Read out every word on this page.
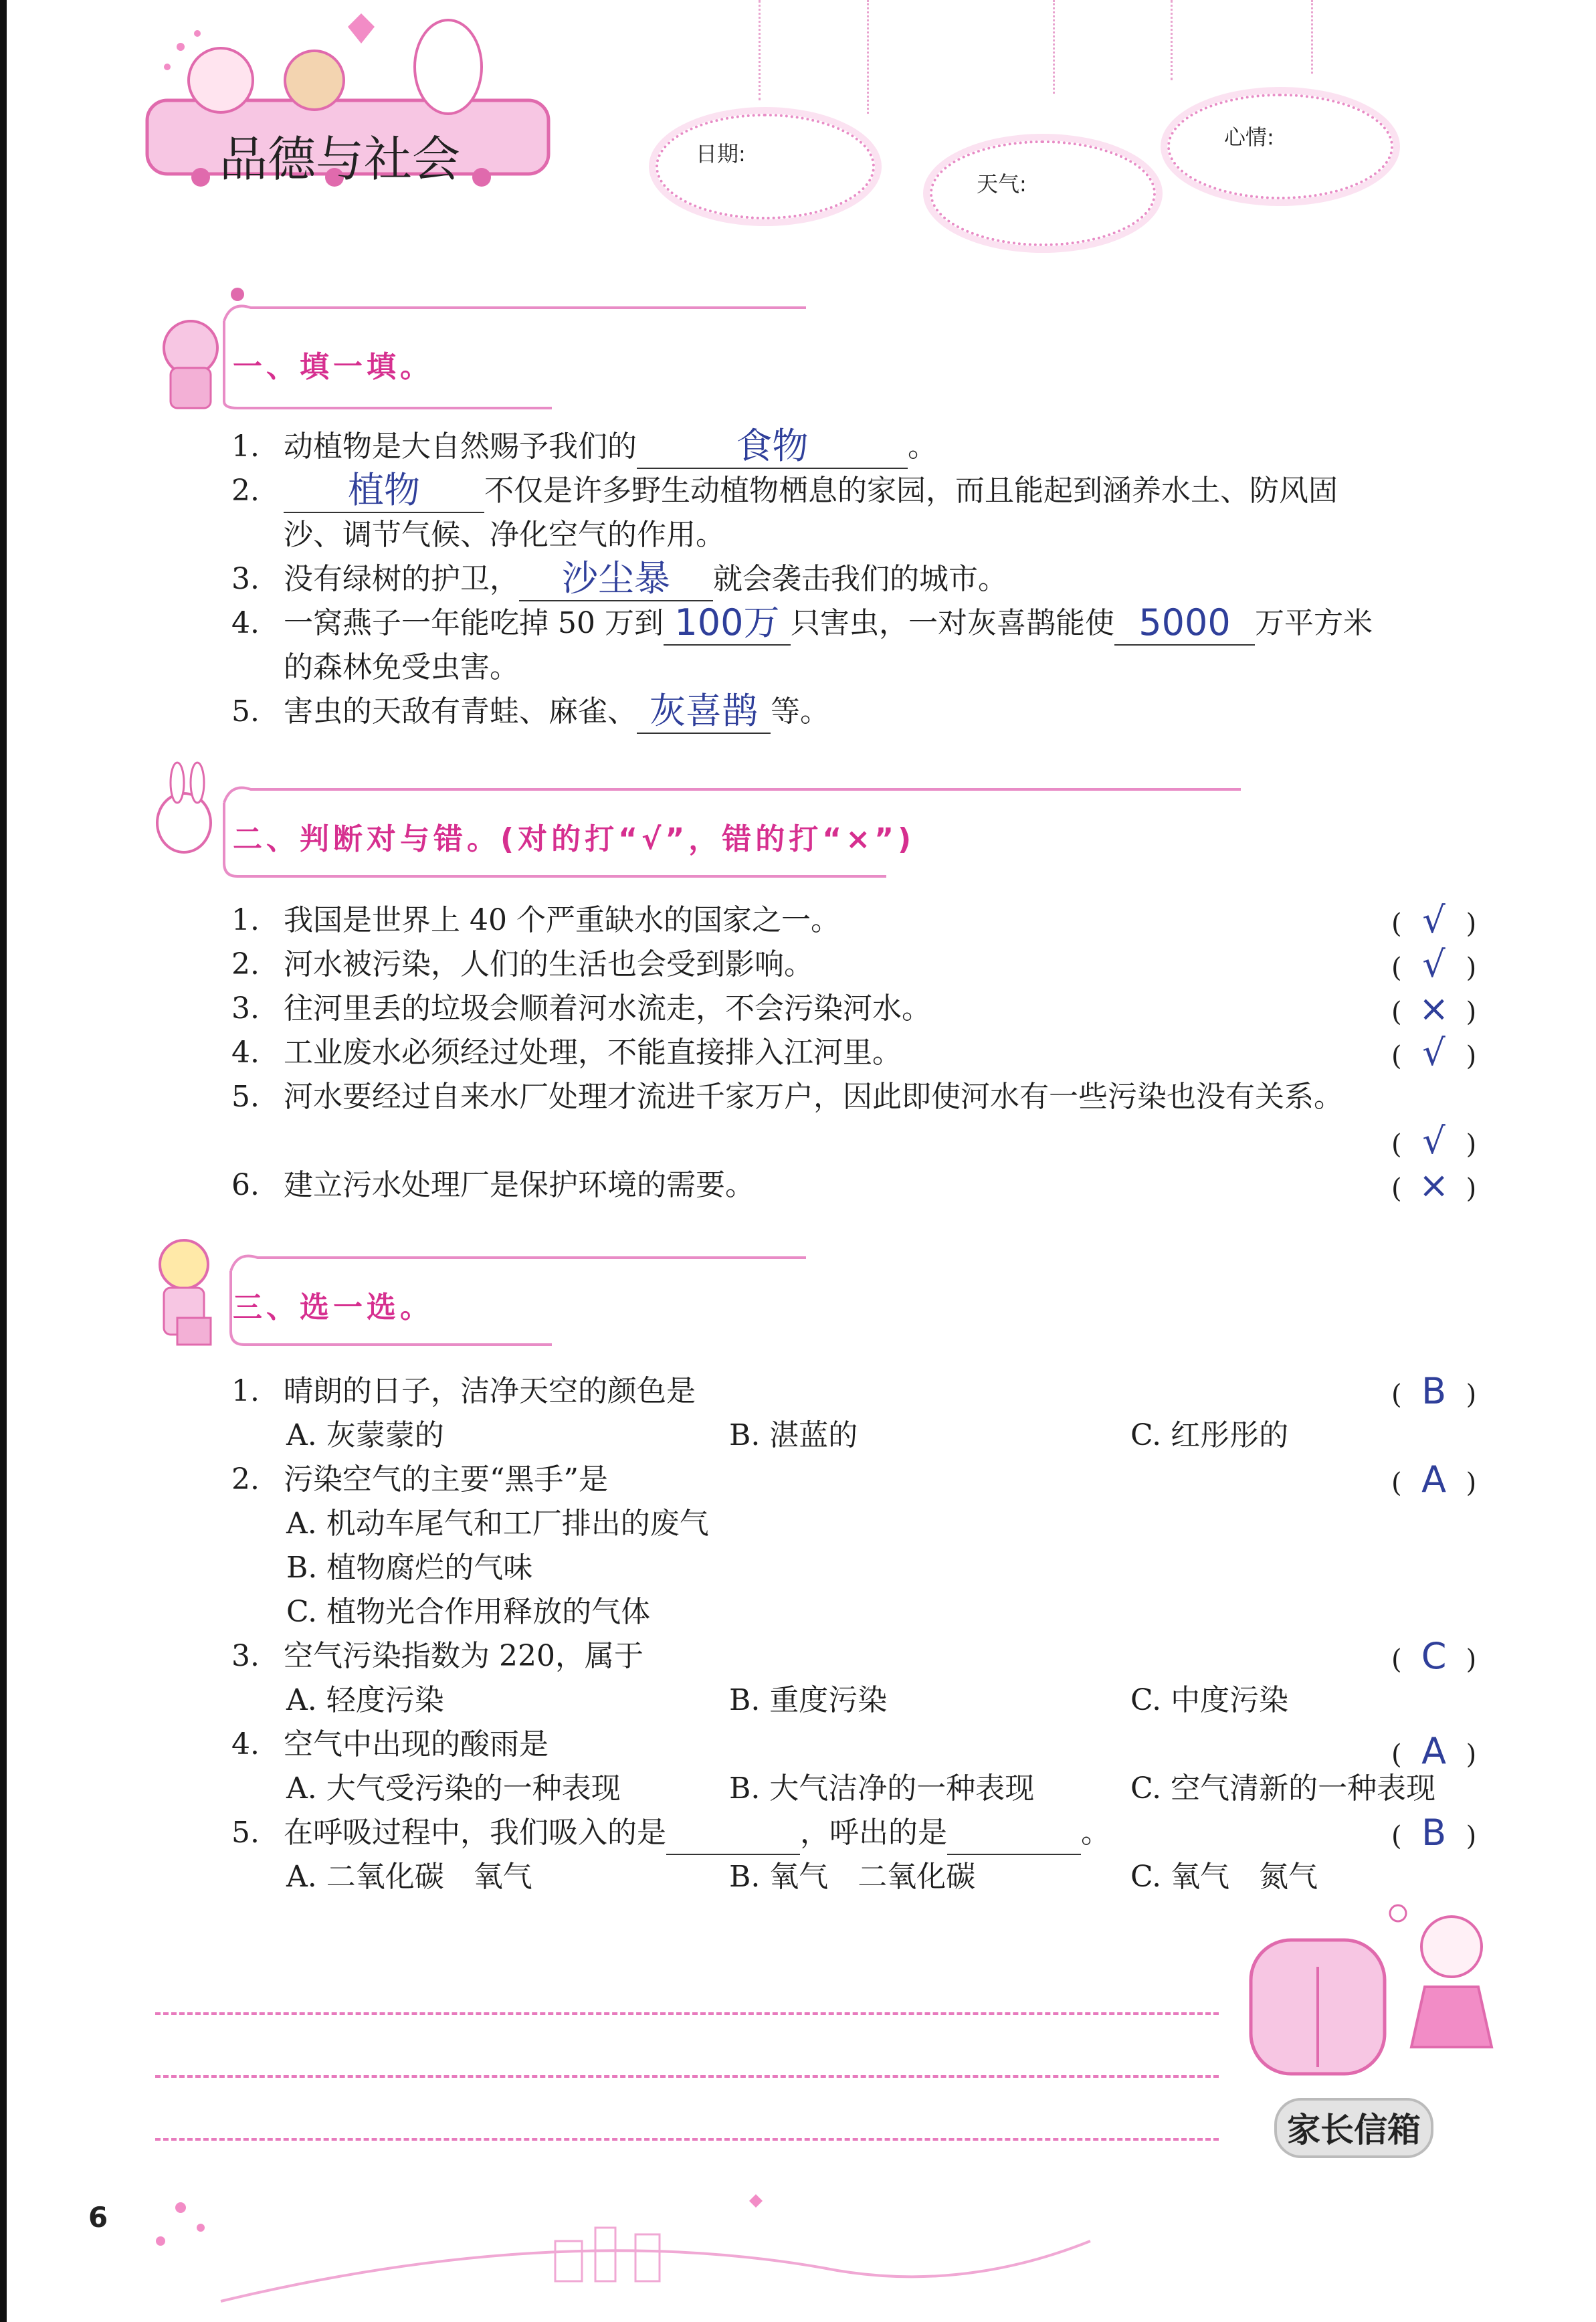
品德与社会	日期:
天气:
心情:
一、填一填。
1. 动植物是大自然赐予我们的	食物	。
2.	植物	不仅是许多野生动植物栖息的家园，而且能起到涵养水土、防风固
沙、调节气候、净化空气的作用。
3. 没有绿树的护卫，	沙尘暴	就会袭击我们的城市。
4. 一窝燕子一年能吃掉 50 万到 100万 只害虫，一对灰喜鹊能使 5000 万平方米
的森林免受虫害。
5. 害虫的天敌有青蛙、麻雀、 灰喜鹊 等。
二、判断对与错。(对的打“√”，错的打“×”)
1. 我国是世界上 40 个严重缺水的国家之一。	( √ )
2. 河水被污染，人们的生活也会受到影响。	( √ )
3. 往河里丢的垃圾会顺着河水流走，不会污染河水。	( × )
4. 工业废水必须经过处理，不能直接排入江河里。	( √ )
5. 河水要经过自来水厂处理才流进千家万户，因此即使河水有一些污染也没有关系。
( √ )
6. 建立污水处理厂是保护环境的需要。	( × )
三、选一选。
1. 晴朗的日子，洁净天空的颜色是	( B )
A. 灰蒙蒙的	B. 湛蓝的	C. 红彤彤的
2. 污染空气的主要“黑手”是	( A )
A. 机动车尾气和工厂排出的废气
B. 植物腐烂的气味
C. 植物光合作用释放的气体
3. 空气污染指数为 220，属于	( C )
A. 轻度污染	B. 重度污染	C. 中度污染
4. 空气中出现的酸雨是	( A )
A. 大气受污染的一种表现	B. 大气洁净的一种表现	C. 空气清新的一种表现
5. 在呼吸过程中，我们吸入的是	，呼出的是	。	( B )
A. 二氧化碳　氧气	B. 氧气　二氧化碳	C. 氧气　氮气
家长信箱
6
